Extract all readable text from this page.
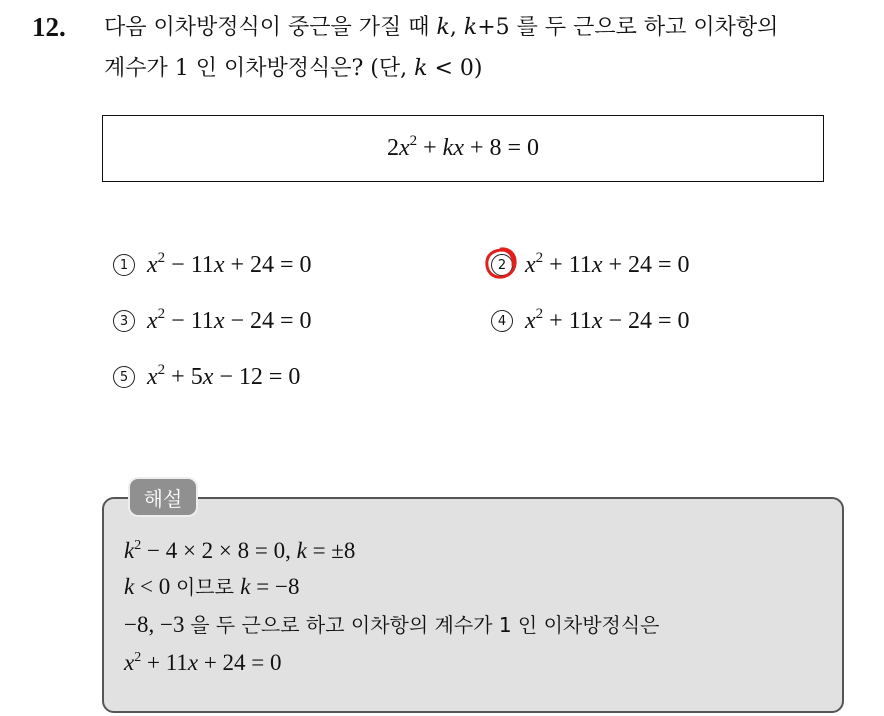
12. 다음 이차방정식이 중근을 가질 때 k, k+5 를 두 근으로 하고 이차항의
계수가 1 인 이차방정식은? (단, k < 0)
$2x^2$ + kx + 8 = 0
1 $x^2 - 11x + 24 = 0$	2 $x^2 + 11x + 24 = 0$
3 $x^2 - 11x - 24 = 0$	4 $x^2 + 11x - 24 = 0$
5 $x^2 + 5x - 12 = 0$
해설
$k^2 - 4 \times 2 \times 8 = 0$, k = ±8
k < 0 이므로 k = −8
−8, −3 을 두 근으로 하고 이차항의 계수가 1 인 이차방정식은
$x^2 + 11x + 24 = 0$
